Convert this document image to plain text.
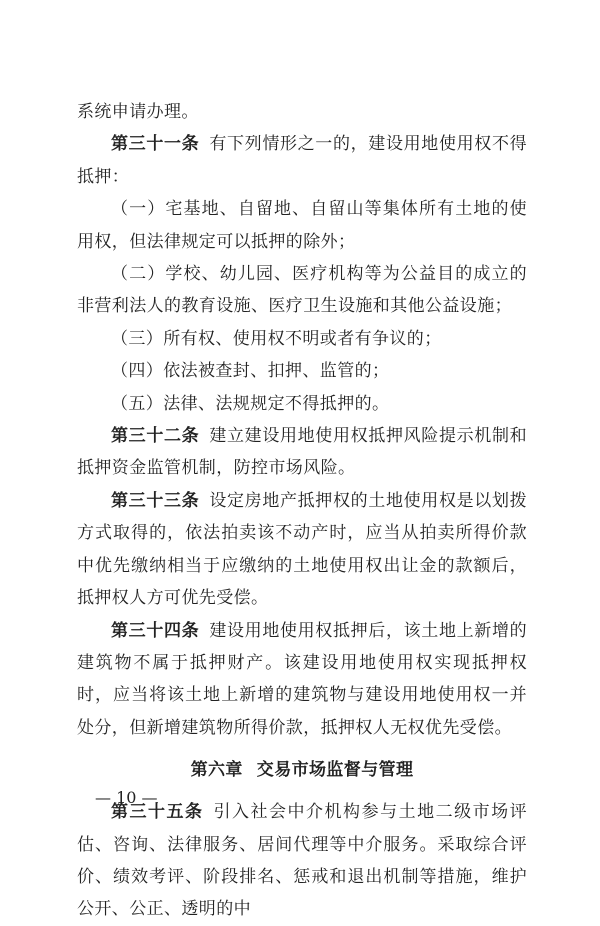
系统申请办理。

第三十一条 有下列情形之一的，建设用地使用权不得抵押：

（一）宅基地、自留地、自留山等集体所有土地的使用权，但法律规定可以抵押的除外；

（二）学校、幼儿园、医疗机构等为公益目的成立的非营利法人的教育设施、医疗卫生设施和其他公益设施；

（三）所有权、使用权不明或者有争议的；

（四）依法被查封、扣押、监管的；

（五）法律、法规规定不得抵押的。

第三十二条 建立建设用地使用权抵押风险提示机制和抵押资金监管机制，防控市场风险。

第三十三条 设定房地产抵押权的土地使用权是以划拨方式取得的，依法拍卖该不动产时，应当从拍卖所得价款中优先缴纳相当于应缴纳的土地使用权出让金的款额后，抵押权人方可优先受偿。

第三十四条 建设用地使用权抵押后，该土地上新增的建筑物不属于抵押财产。该建设用地使用权实现抵押权时，应当将该土地上新增的建筑物与建设用地使用权一并处分，但新增建筑物所得价款，抵押权人无权优先受偿。

第六章 交易市场监督与管理

第三十五条 引入社会中介机构参与土地二级市场评估、咨询、法律服务、居间代理等中介服务。采取综合评价、绩效考评、阶段排名、惩戒和退出机制等措施，维护公开、公正、透明的中

— 10 —
